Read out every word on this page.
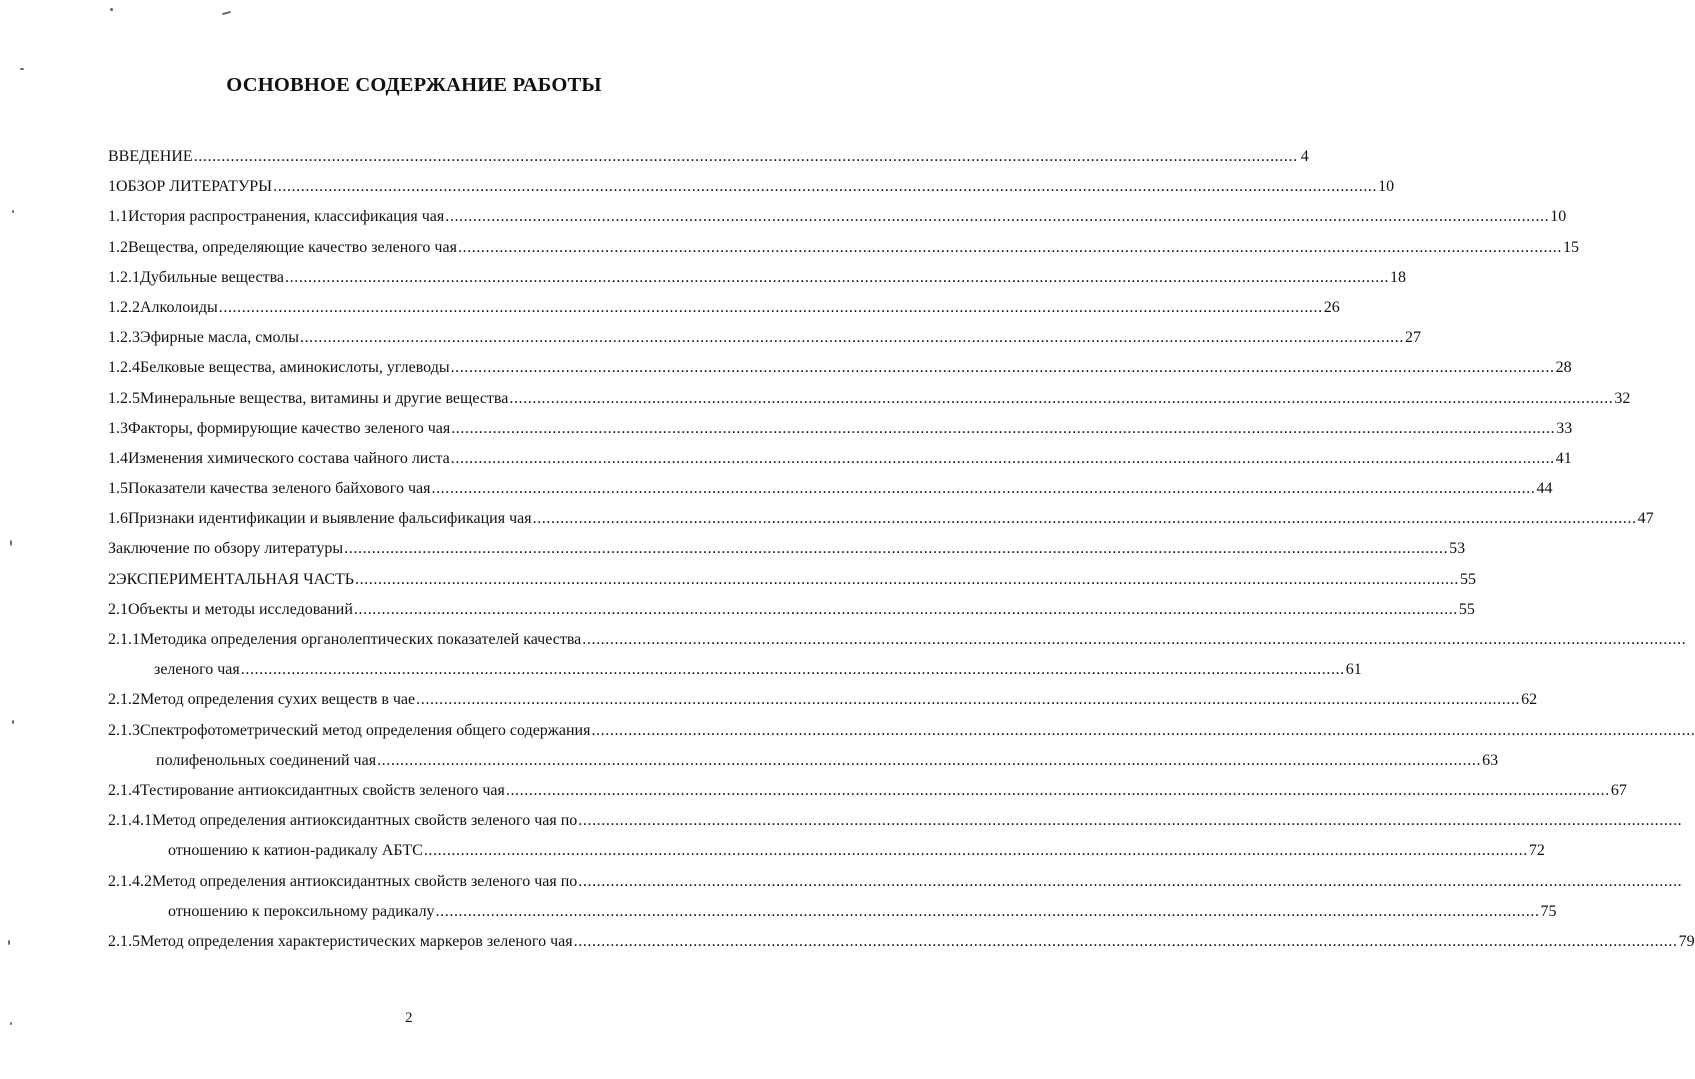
ОСНОВНОЕ СОДЕРЖАНИЕ РАБОТЫ
ВВЕДЕНИЕ .....	4
1 ОБЗОР ЛИТЕРАТУРЫ .....	10
1.1 История распространения, классификация чая .....	10
1.2 Вещества, определяющие качество зеленого чая .....	15
1.2.1 Дубильные вещества .....	18
1.2.2 Алколоиды .....	26
1.2.3 Эфирные масла, смолы .....	27
1.2.4 Белковые вещества, аминокислоты, углеводы .....	28
1.2.5 Минеральные вещества, витамины и другие вещества .....	32
1.3 Факторы, формирующие качество зеленого чая .....	33
1.4 Изменения химического состава чайного листа .....	41
1.5 Показатели качества зеленого байхового чая .....	44
1.6 Признаки идентификации и выявление фальсификация чая .....	47
Заключение по обзору литературы .....	53
2 ЭКСПЕРИМЕНТАЛЬНАЯ ЧАСТЬ .....	55
2.1 Объекты и методы исследований .....	55
2.1.1 Методика определения органолептических показателей качества
.....
зеленого чая .....	61
2.1.2 Метод определения сухих веществ в чае .....	62
2.1.3 Спектрофотометрический метод определения общего содержания
.....
полифенольных соединений чая .....	63
2.1.4 Тестирование антиоксидантных свойств зеленого чая .....	67
2.1.4.1 Метод определения антиоксидантных свойств зеленого чая по
.....
отношению к катион-радикалу АБТС .....	72
2.1.4.2 Метод определения антиоксидантных свойств зеленого чая по
.....
отношению к пероксильному радикалу .....	75
2.1.5 Метод определения характеристических маркеров зеленого чая .....	79
2
